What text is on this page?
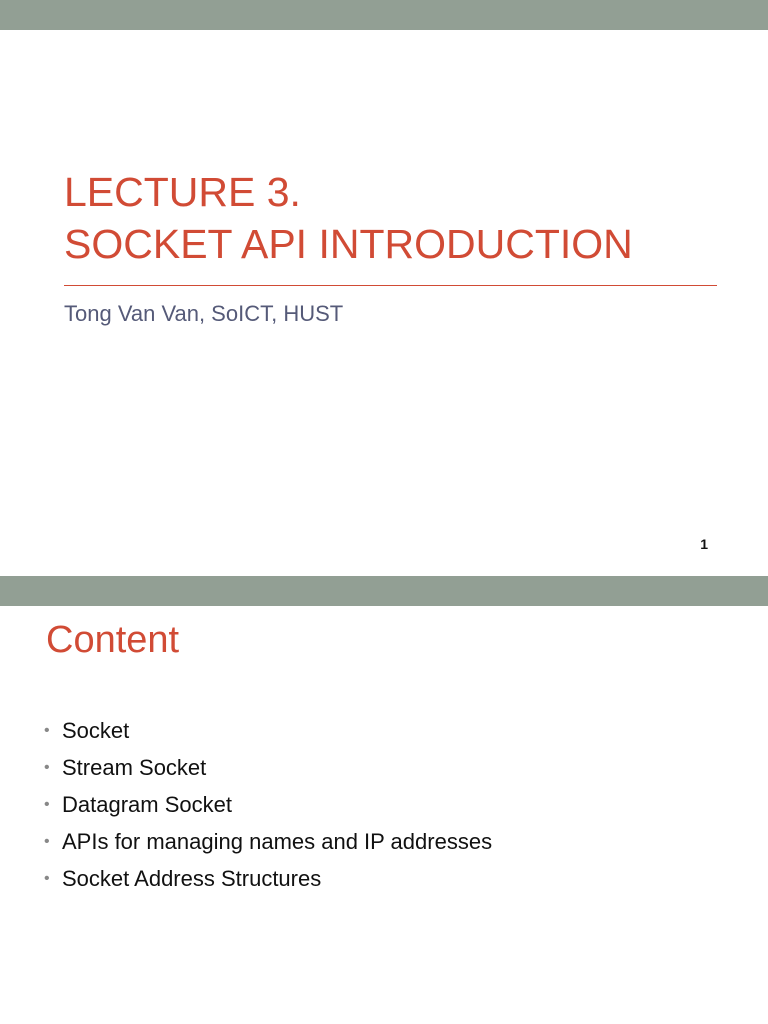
LECTURE 3.
SOCKET API INTRODUCTION
Tong Van Van, SoICT, HUST
1
Content
• Socket
• Stream Socket
• Datagram Socket
• APIs for managing names and IP addresses
• Socket Address Structures
